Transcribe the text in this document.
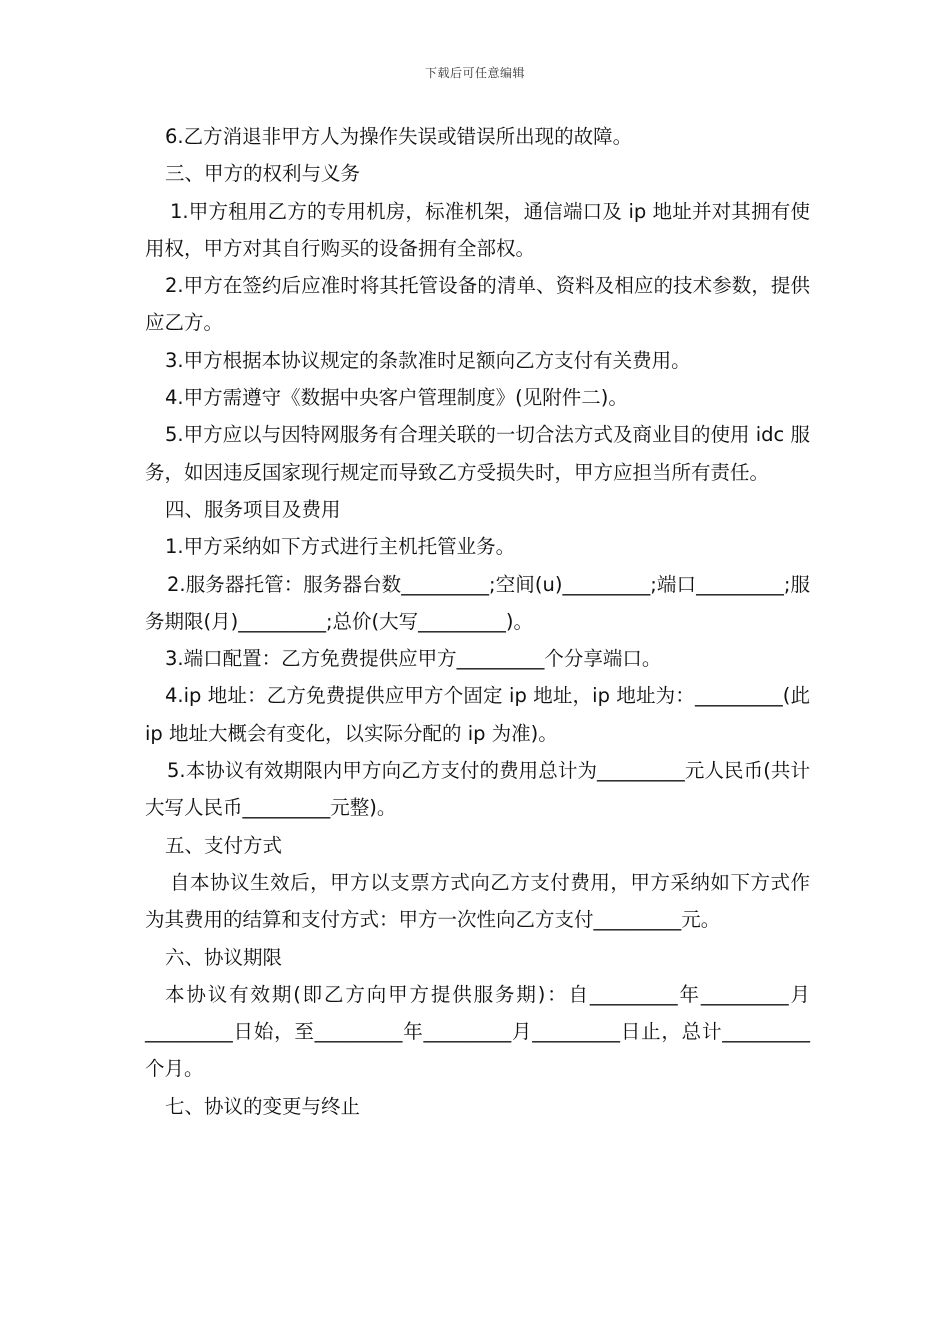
下载后可任意编辑

6.乙方消退非甲方人为操作失误或错误所出现的故障。

三、甲方的权利与义务

1.甲方租用乙方的专用机房，标准机架，通信端口及 ip 地址并对其拥有使用权，甲方对其自行购买的设备拥有全部权。

2.甲方在签约后应准时将其托管设备的清单、资料及相应的技术参数，提供应乙方。

3.甲方根据本协议规定的条款准时足额向乙方支付有关费用。

4.甲方需遵守《数据中央客户管理制度》(见附件二)。

5.甲方应以与因特网服务有合理关联的一切合法方式及商业目的使用 idc 服务，如因违反国家现行规定而导致乙方受损失时，甲方应担当所有责任。

四、服务项目及费用

1.甲方采纳如下方式进行主机托管业务。

2.服务器托管：服务器台数_________;空间(u)_________;端口_________;服务期限(月)_________;总价(大写_________)。

3.端口配置：乙方免费提供应甲方_________个分享端口。

4.ip 地址：乙方免费提供应甲方个固定 ip 地址，ip 地址为：_________(此 ip 地址大概会有变化，以实际分配的 ip 为准)。

5.本协议有效期限内甲方向乙方支付的费用总计为_________元人民币(共计大写人民币_________元整)。

五、支付方式

自本协议生效后，甲方以支票方式向乙方支付费用，甲方采纳如下方式作为其费用的结算和支付方式：甲方一次性向乙方支付_________元。

六、协议期限

本协议有效期(即乙方向甲方提供服务期)：自_________年_________月_________日始，至_________年_________月_________日止，总计_________个月。

七、协议的变更与终止
